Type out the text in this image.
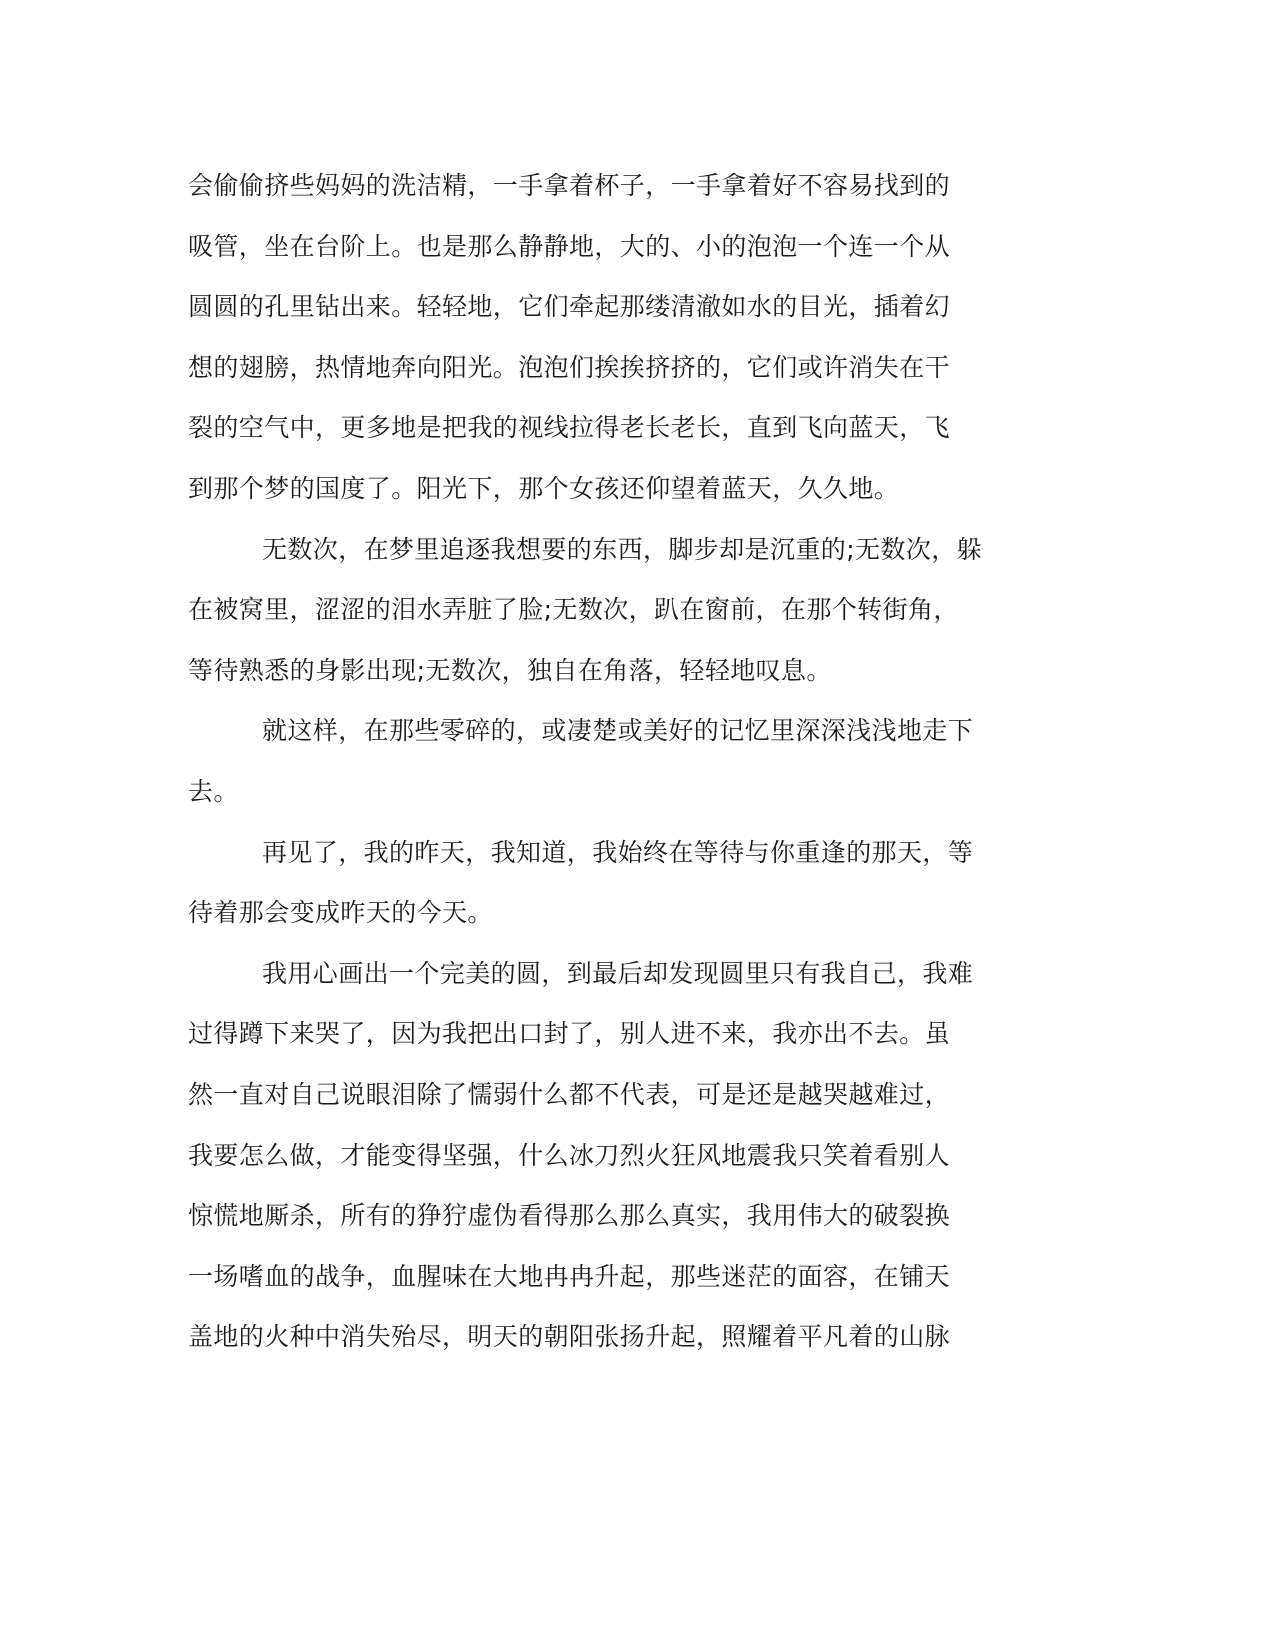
会偷偷挤些妈妈的洗洁精，一手拿着杯子，一手拿着好不容易找到的
吸管，坐在台阶上。也是那么静静地，大的、小的泡泡一个连一个从
圆圆的孔里钻出来。轻轻地，它们牵起那缕清澈如水的目光，插着幻
想的翅膀，热情地奔向阳光。泡泡们挨挨挤挤的，它们或许消失在干
裂的空气中，更多地是把我的视线拉得老长老长，直到飞向蓝天，飞
到那个梦的国度了。阳光下，那个女孩还仰望着蓝天，久久地。
无数次，在梦里追逐我想要的东西，脚步却是沉重的;无数次，躲
在被窝里，涩涩的泪水弄脏了脸;无数次，趴在窗前，在那个转街角，
等待熟悉的身影出现;无数次，独自在角落，轻轻地叹息。
就这样，在那些零碎的，或凄楚或美好的记忆里深深浅浅地走下
去。
再见了，我的昨天，我知道，我始终在等待与你重逢的那天，等
待着那会变成昨天的今天。
我用心画出一个完美的圆，到最后却发现圆里只有我自己，我难
过得蹲下来哭了，因为我把出口封了，别人进不来，我亦出不去。虽
然一直对自己说眼泪除了懦弱什么都不代表，可是还是越哭越难过，
我要怎么做，才能变得坚强，什么冰刀烈火狂风地震我只笑着看别人
惊慌地厮杀，所有的狰狞虚伪看得那么那么真实，我用伟大的破裂换
一场嗜血的战争，血腥味在大地冉冉升起，那些迷茫的面容，在铺天
盖地的火种中消失殆尽，明天的朝阳张扬升起，照耀着平凡着的山脉
